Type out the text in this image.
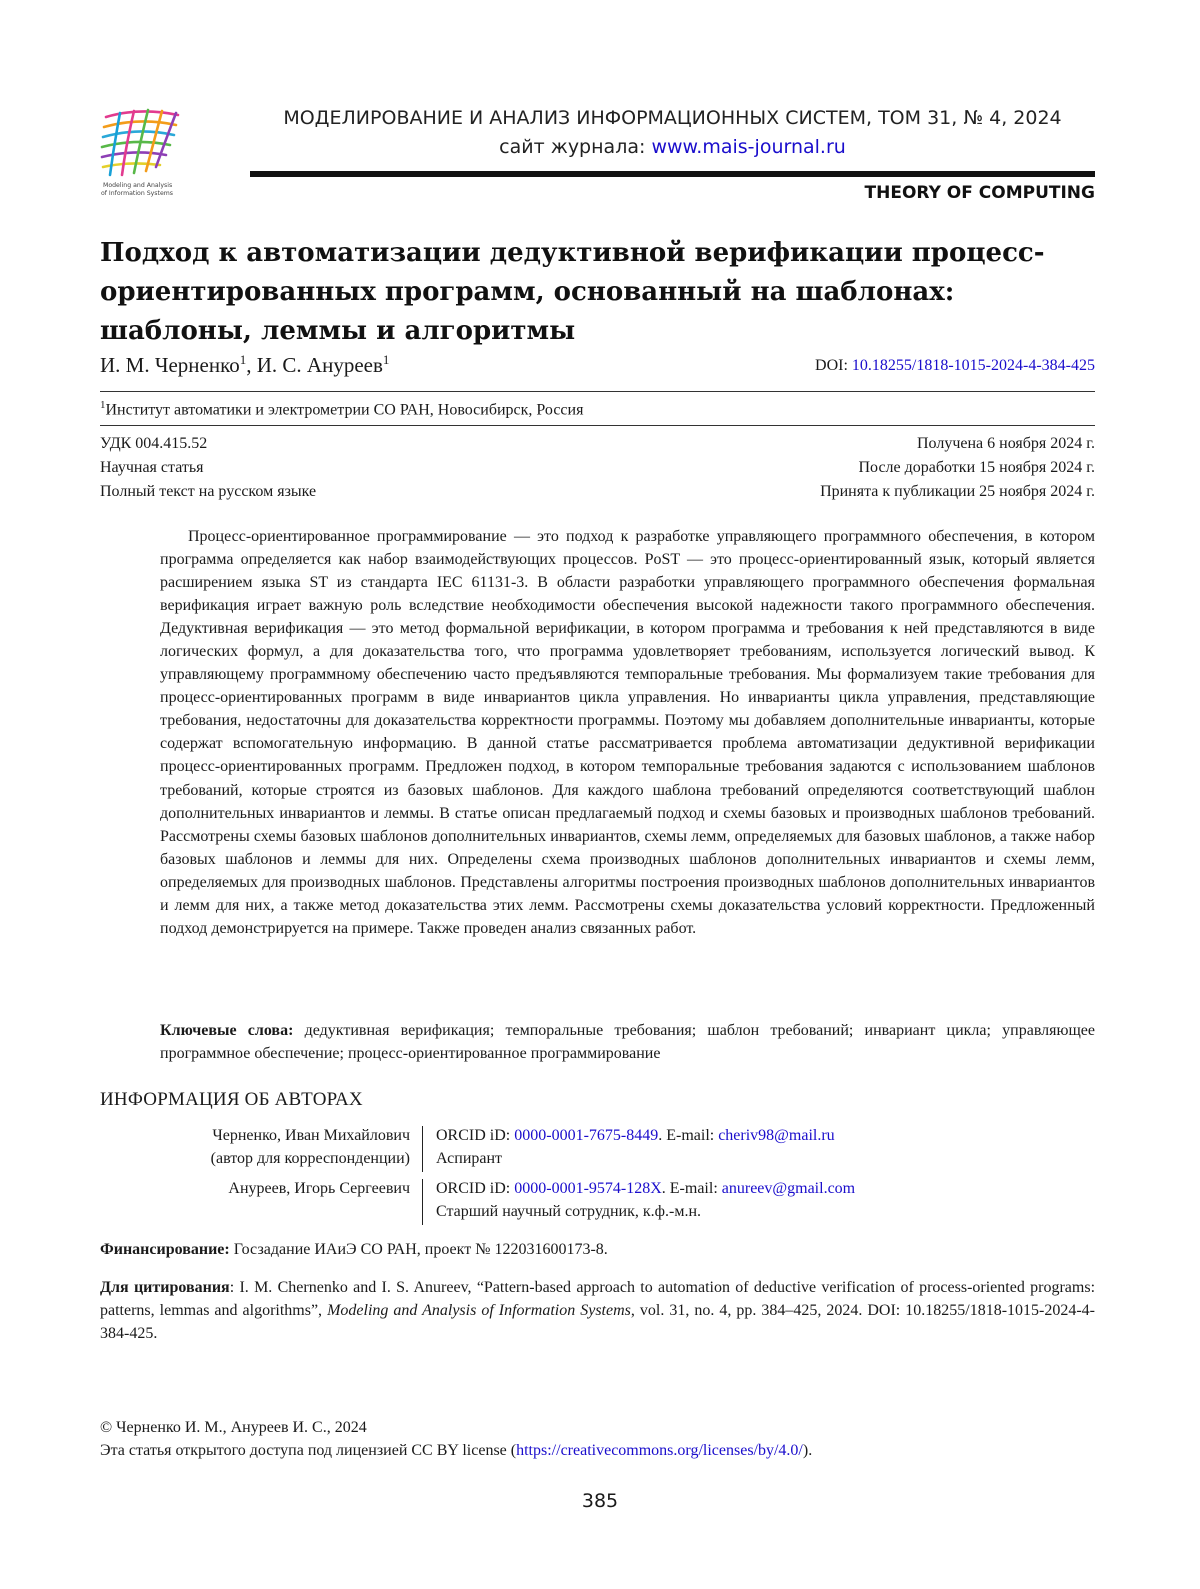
Modeling and Analysis
of Information Systems
МОДЕЛИРОВАНИЕ И АНАЛИЗ ИНФОРМАЦИОННЫХ СИСТЕМ, ТОМ 31, № 4, 2024
сайт журнала: www.mais-journal.ru
THEORY OF COMPUTING
Подход к автоматизации дедуктивной верификации процесс-ориентированных программ, основанный на шаблонах: шаблоны, леммы и алгоритмы
И. М. Черненко$^1$, И. С. Ануреев$^1$	DOI: 10.18255/1818-1015-2024-4-384-425
$^1$Институт автоматики и электрометрии СО РАН, Новосибирск, Россия
УДК 004.415.52
Научная статья
Полный текст на русском языке
Получена 6 ноября 2024 г.
После доработки 15 ноября 2024 г.
Принята к публикации 25 ноября 2024 г.
Процесс-ориентированное программирование — это подход к разработке управляющего программного обеспечения, в котором программа определяется как набор взаимодействующих процессов. PoST — это процесс-ориентированный язык, который является расширением языка ST из стандарта IEC 61131-3. В области разработки управляющего программного обеспечения формальная верификация играет важную роль вследствие необходимости обеспечения высокой надежности такого программного обеспечения. Дедуктивная верификация — это метод формальной верификации, в котором программа и требования к ней представляются в виде логических формул, а для доказательства того, что программа удовлетворяет требованиям, используется логический вывод. К управляющему программному обеспечению часто предъявляются темпоральные требования. Мы формализуем такие требования для процесс-ориентированных программ в виде инвариантов цикла управления. Но инварианты цикла управления, представляющие требования, недостаточны для доказательства корректности программы. Поэтому мы добавляем дополнительные инварианты, которые содержат вспомогательную информацию. В данной статье рассматривается проблема автоматизации дедуктивной верификации процесс-ориентированных программ. Предложен подход, в котором темпоральные требования задаются с использованием шаблонов требований, которые строятся из базовых шаблонов. Для каждого шаблона требований определяются соответствующий шаблон дополнительных инвариантов и леммы. В статье описан предлагаемый подход и схемы базовых и производных шаблонов требований. Рассмотрены схемы базовых шаблонов дополнительных инвариантов, схемы лемм, определяемых для базовых шаблонов, а также набор базовых шаблонов и леммы для них. Определены схема производных шаблонов дополнительных инвариантов и схемы лемм, определяемых для производных шаблонов. Представлены алгоритмы построения производных шаблонов дополнительных инвариантов и лемм для них, а также метод доказательства этих лемм. Рассмотрены схемы доказательства условий корректности. Предложенный подход демонстрируется на примере. Также проведен анализ связанных работ.
Ключевые слова: дедуктивная верификация; темпоральные требования; шаблон требований; инвариант цикла; управляющее программное обеспечение; процесс-ориентированное программирование
ИНФОРМАЦИЯ ОБ АВТОРАХ
Черненко, Иван Михайлович
(автор для корреспонденции)
ORCID iD: 0000-0001-7675-8449. E-mail: cheriv98@mail.ru
Аспирант
Ануреев, Игорь Сергеевич ORCID iD: 0000-0001-9574-128X. E-mail: anureev@gmail.com
Старший научный сотрудник, к.ф.-м.н.
Финансирование: Госзадание ИАиЭ СО РАН, проект № 122031600173-8.
Для цитирования: I. M. Chernenko and I. S. Anureev, “Pattern-based approach to automation of deductive verification of process-oriented programs: patterns, lemmas and algorithms”, Modeling and Analysis of Information Systems, vol. 31, no. 4, pp. 384–425, 2024. DOI: 10.18255/1818-1015-2024-4-384-425.
© Черненко И. М., Ануреев И. С., 2024
Эта статья открытого доступа под лицензией CC BY license (https://creativecommons.org/licenses/by/4.0/).
385
